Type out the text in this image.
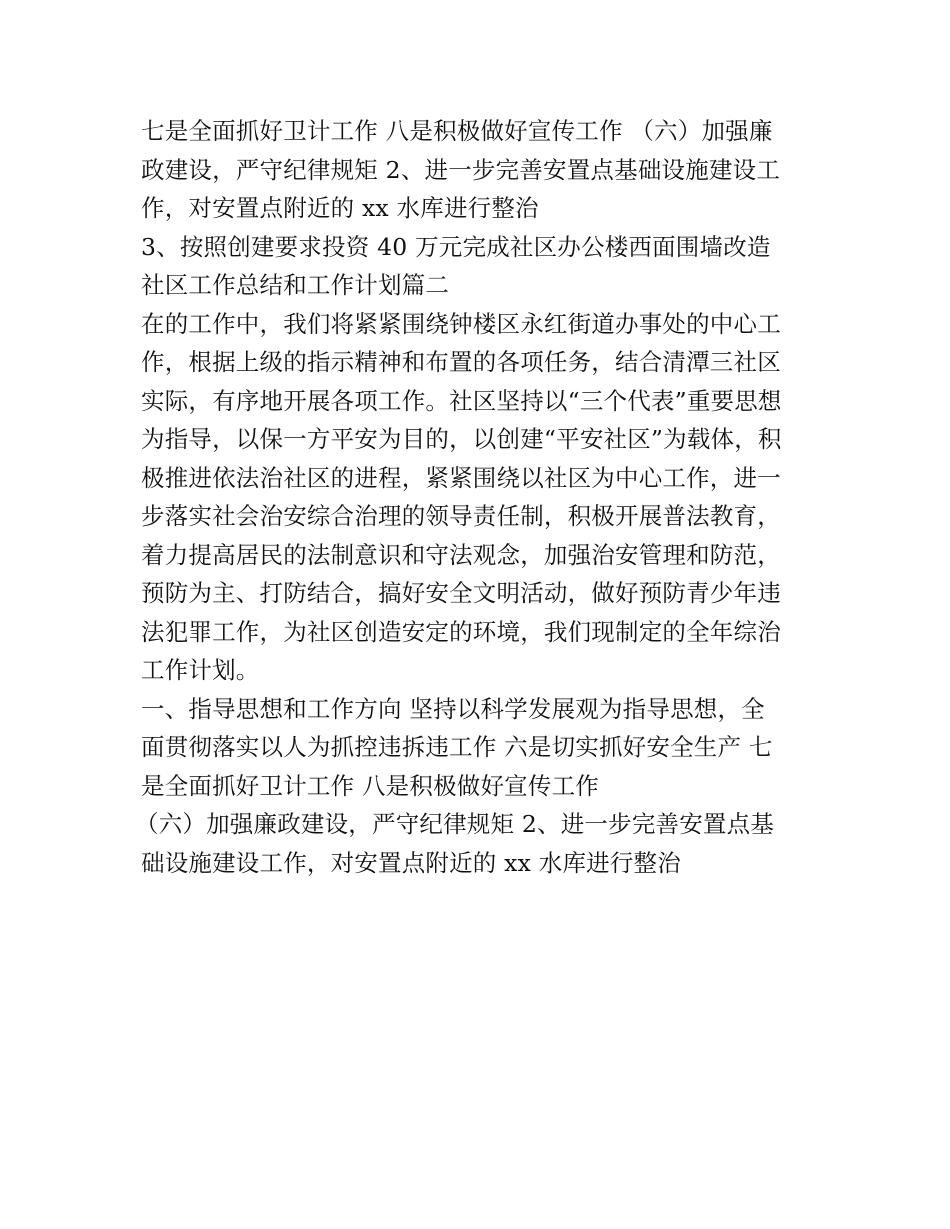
七是全面抓好卫计工作 八是积极做好宣传工作 （六）加强廉
政建设，严守纪律规矩 2、进一步完善安置点基础设施建设工
作，对安置点附近的 xx 水库进行整治

3、按照创建要求投资 40 万元完成社区办公楼西面围墙改造

社区工作总结和工作计划篇二

在的工作中，我们将紧紧围绕钟楼区永红街道办事处的中心工
作，根据上级的指示精神和布置的各项任务，结合清潭三社区
实际，有序地开展各项工作。社区坚持以“三个代表”重要思想
为指导，以保一方平安为目的，以创建“平安社区”为载体，积
极推进依法治社区的进程，紧紧围绕以社区为中心工作，进一
步落实社会治安综合治理的领导责任制，积极开展普法教育，
着力提高居民的法制意识和守法观念，加强治安管理和防范，
预防为主、打防结合，搞好安全文明活动，做好预防青少年违
法犯罪工作，为社区创造安定的环境，我们现制定的全年综治
工作计划。

一、指导思想和工作方向 坚持以科学发展观为指导思想，全
面贯彻落实以人为抓控违拆违工作 六是切实抓好安全生产 七
是全面抓好卫计工作 八是积极做好宣传工作

（六）加强廉政建设，严守纪律规矩 2、进一步完善安置点基
础设施建设工作，对安置点附近的 xx 水库进行整治
